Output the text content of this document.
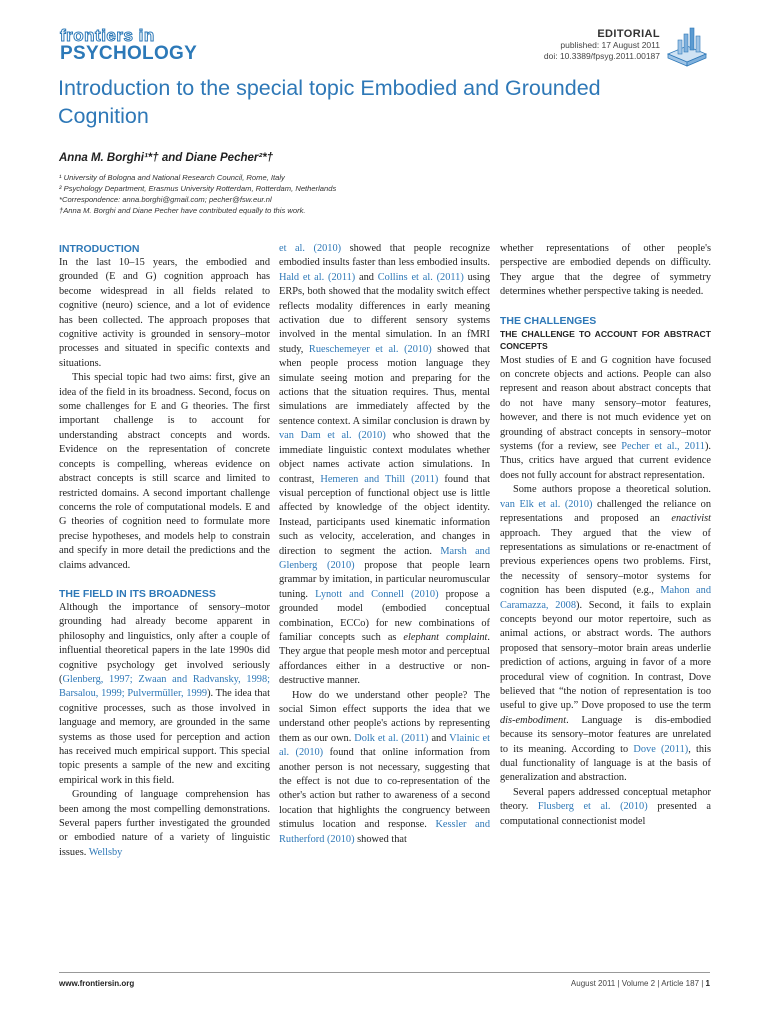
frontiers in
PSYCHOLOGY
EDITORIAL
published: 17 August 2011
doi: 10.3389/fpsyg.2011.00187
Introduction to the special topic Embodied and Grounded Cognition
Anna M. Borghi¹*† and Diane Pecher²*†
¹ University of Bologna and National Research Council, Rome, Italy
² Psychology Department, Erasmus University Rotterdam, Rotterdam, Netherlands
*Correspondence: anna.borghi@gmail.com; pecher@fsw.eur.nl
†Anna M. Borghi and Diane Pecher have contributed equally to this work.
INTRODUCTION

In the last 10–15 years, the embodied and grounded (E and G) cognition approach has become widespread in all fields related to cognitive (neuro) science, and a lot of evidence has been collected. The approach proposes that cognitive activity is grounded in sensory–motor processes and situated in specific contexts and situations.

This special topic had two aims: first, give an idea of the field in its broadness. Second, focus on some challenges for E and G theories. The first important challenge is to account for understanding abstract concepts and words. Evidence on the representation of concrete concepts is compelling, whereas evidence on abstract concepts is still scarce and limited to restricted domains. A second important challenge concerns the role of computational models. E and G theories of cognition need to formulate more precise hypotheses, and models help to constrain and specify in more detail the predictions and the claims advanced.

THE FIELD IN ITS BROADNESS

Although the importance of sensory–motor grounding had already become apparent in philosophy and linguistics, only after a couple of influential theoretical papers in the late 1990s did cognitive psychology get involved seriously (Glenberg, 1997; Zwaan and Radvansky, 1998; Barsalou, 1999; Pulvermüller, 1999). The idea that cognitive processes, such as those involved in language and memory, are grounded in the same systems as those used for perception and action has received much empirical support. This special topic presents a sample of the new and exciting empirical work in this field.

Grounding of language comprehension has been among the most compelling demonstrations. Several papers further investigated the grounded or embodied nature of a variety of linguistic issues. Wellsby

et al. (2010) showed that people recognize embodied insults faster than less embodied insults. Hald et al. (2011) and Collins et al. (2011) using ERPs, both showed that the modality switch effect reflects modality differences in early meaning activation due to different sensory systems involved in the mental simulation. In an fMRI study, Rueschemeyer et al. (2010) showed that when people process motion language they simulate seeing motion and preparing for the actions that the situation requires. Thus, mental simulations are immediately affected by the sentence context. A similar conclusion is drawn by van Dam et al. (2010) who showed that the immediate linguistic context modulates whether object names activate action simulations. In contrast, Hemeren and Thill (2011) found that visual perception of functional object use is little affected by knowledge of the object identity. Instead, participants used kinematic information such as velocity, acceleration, and changes in direction to segment the action. Marsh and Glenberg (2010) propose that people learn grammar by imitation, in particular neuromuscular tuning. Lynott and Connell (2010) propose a grounded model (embodied conceptual combination, ECCo) for new combinations of familiar concepts such as elephant complaint. They argue that people mesh motor and perceptual affordances either in a destructive or non-destructive manner.

How do we understand other people? The social Simon effect supports the idea that we understand other people's actions by representing them as our own. Dolk et al. (2011) and Vlainic et al. (2010) found that online information from another person is not necessary, suggesting that the effect is not due to co-representation of the other's action but rather to awareness of a second location that highlights the congruency between stimulus location and response. Kessler and Rutherford (2010) showed that

whether representations of other people's perspective are embodied depends on difficulty. They argue that the degree of symmetry determines whether perspective taking is needed.

THE CHALLENGES
THE CHALLENGE TO ACCOUNT FOR ABSTRACT CONCEPTS

Most studies of E and G cognition have focused on concrete objects and actions. People can also represent and reason about abstract concepts that do not have many sensory–motor features, however, and there is not much evidence yet on grounding of abstract concepts in sensory–motor systems (for a review, see Pecher et al., 2011). Thus, critics have argued that current evidence does not fully account for abstract representation.

Some authors propose a theoretical solution. van Elk et al. (2010) challenged the reliance on representations and proposed an enactivist approach. They argued that the view of representations as simulations or re-enactment of previous experiences opens two problems. First, the necessity of sensory–motor systems for cognition has been disputed (e.g., Mahon and Caramazza, 2008). Second, it fails to explain concepts beyond our motor repertoire, such as animal actions, or abstract words. The authors proposed that sensory–motor brain areas underlie prediction of actions, arguing in favor of a more procedural view of cognition. In contrast, Dove believed that “the notion of representation is too useful to give up.” Dove proposed to use the term dis-embodiment. Language is dis-embodied because its sensory–motor features are unrelated to its meaning. According to Dove (2011), this dual functionality of language is at the basis of generalization and abstraction.

Several papers addressed conceptual metaphor theory. Flusberg et al. (2010) presented a computational connectionist model

www.frontiersin.org	August 2011 | Volume 2 | Article 187 | 1
